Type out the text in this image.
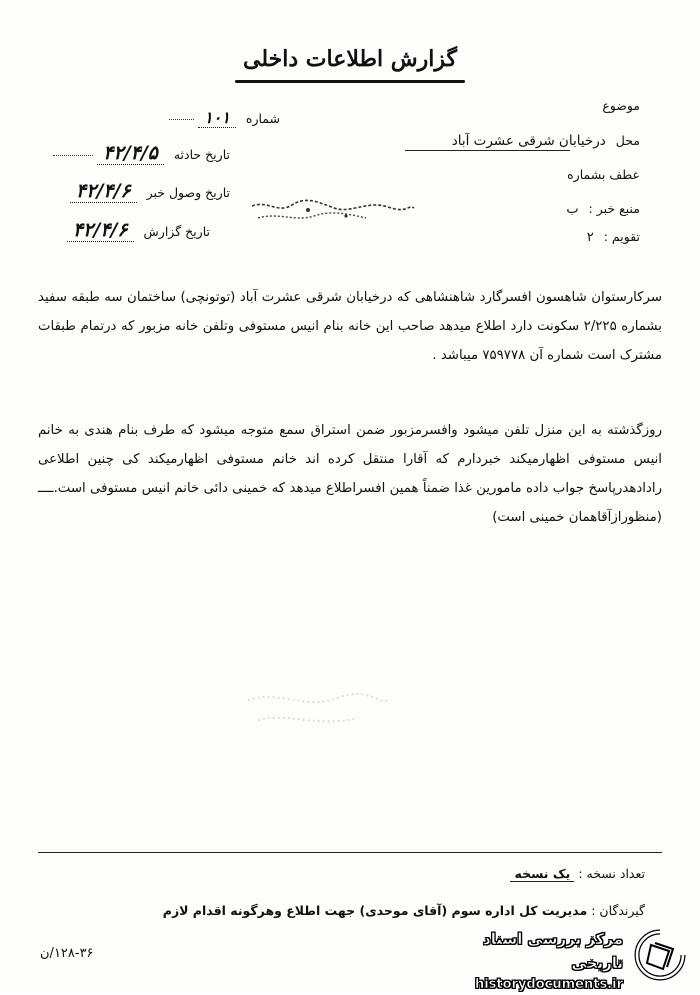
گزارش اطلاعات داخلی
موضوع
محل درخیابان شرقی عشرت آباد
عطف بشماره
منبع خبر : ب
تقویم : ۲
شماره ۱۰۱
تاریخ حادثه ۴۲/۴/۵
تاریخ وصول خبر ۴۲/۴/۶
تاریخ گزارش ۴۲/۴/۶

سرکارستوان شاهسون افسرگارد شاهنشاهی که درخیابان شرقی عشرت آباد (توتونچی) ساختمان سه طبقه سفید بشماره ۲/۲۲۵ سکونت دارد اطلاع میدهد صاحب این خانه بنام انیس مستوفی وتلفن خانه مزبور که درتمام طبقات مشترک است شماره آن ۷۵۹۷۷۸ میباشد .

روزگذشته به این منزل تلفن میشود وافسرمزبور ضمن استراق سمع متوجه میشود که طرف بنام هندی به خانم انیس مستوفی اظهارمیکند خبردارم که آقارا منتقل کرده اند خانم مستوفی اظهارمیکند کی چنین اطلاعی رادادهدرپاسخ جواب داده مامورین غذا ضمناً همین افسراطلاع میدهد که خمینی دائی خانم انیس مستوفی است.ــــ (منظورازآقاهمان خمینی است)

تعداد نسخه : یک نسخه
گیرندگان : مدیریت کل اداره سوم (آقای موحدی) جهت اطلاع وهرگونه اقدام لازم
۱۲۸-۳۶/ن
مرکز بررسی اسناد تاریخی
historydocuments.ir
